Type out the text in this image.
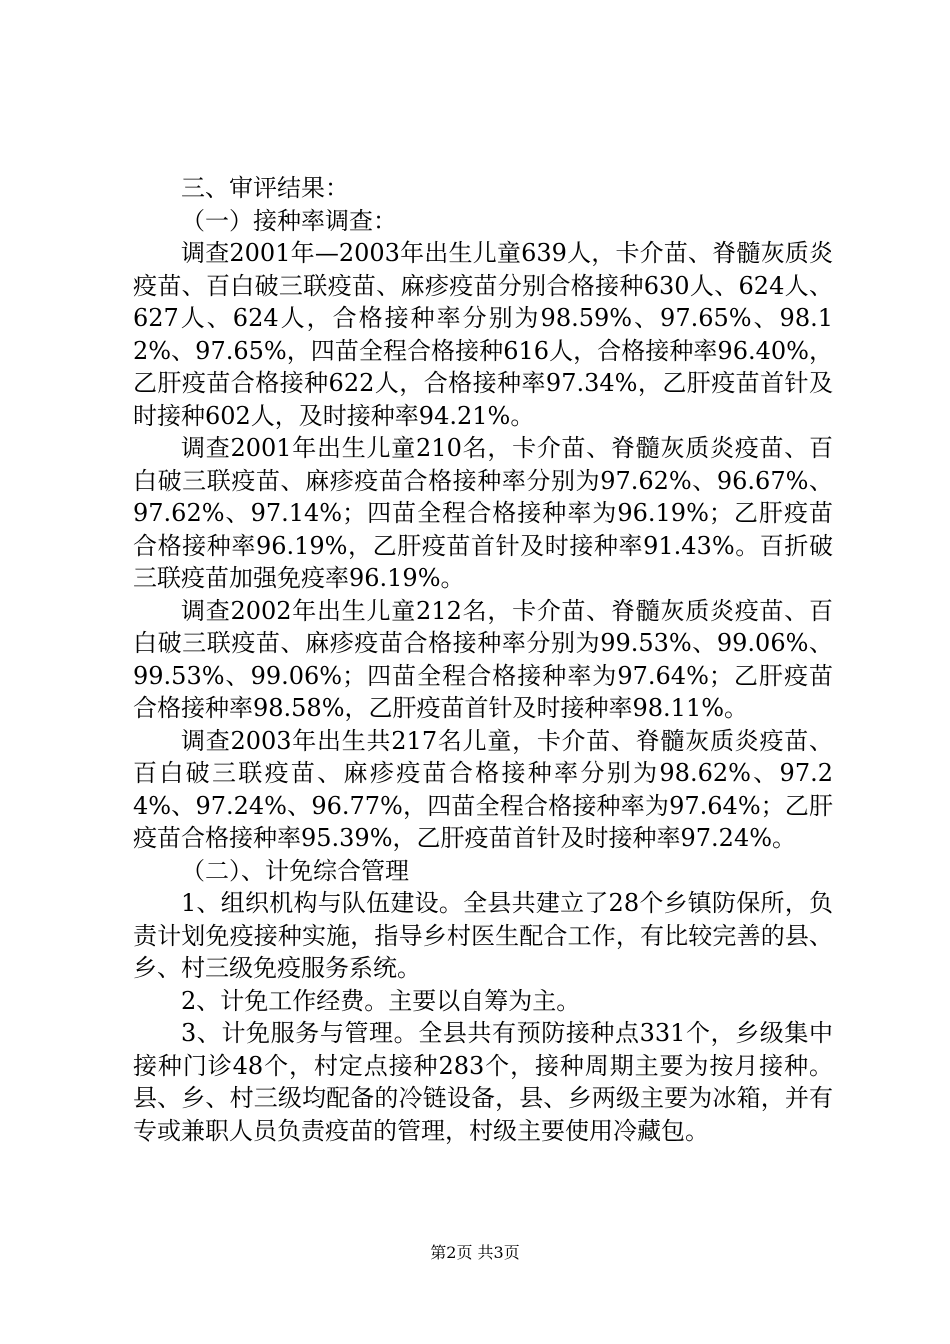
三、审评结果：

（一）接种率调查：

调查2001年—2003年出生儿童639人，卡介苗、脊髓灰质炎疫苗、百白破三联疫苗、麻疹疫苗分别合格接种630人、624人、627人、624人，合格接种率分别为98.59%、97.65%、98.12%、97.65%，四苗全程合格接种616人，合格接种率96.40%，乙肝疫苗合格接种622人，合格接种率97.34%，乙肝疫苗首针及时接种602人，及时接种率94.21%。

调查2001年出生儿童210名，卡介苗、脊髓灰质炎疫苗、百白破三联疫苗、麻疹疫苗合格接种率分别为97.62%、96.67%、97.62%、97.14%；四苗全程合格接种率为96.19%；乙肝疫苗合格接种率96.19%，乙肝疫苗首针及时接种率91.43%。百折破三联疫苗加强免疫率96.19%。

调查2002年出生儿童212名，卡介苗、脊髓灰质炎疫苗、百白破三联疫苗、麻疹疫苗合格接种率分别为99.53%、99.06%、99.53%、99.06%；四苗全程合格接种率为97.64%；乙肝疫苗合格接种率98.58%，乙肝疫苗首针及时接种率98.11%。

调查2003年出生共217名儿童，卡介苗、脊髓灰质炎疫苗、百白破三联疫苗、麻疹疫苗合格接种率分别为98.62%、97.24%、97.24%、96.77%，四苗全程合格接种率为97.64%；乙肝疫苗合格接种率95.39%，乙肝疫苗首针及时接种率97.24%。

（二）、计免综合管理

1、组织机构与队伍建设。全县共建立了28个乡镇防保所，负责计划免疫接种实施，指导乡村医生配合工作，有比较完善的县、乡、村三级免疫服务系统。

2、计免工作经费。主要以自筹为主。

3、计免服务与管理。全县共有预防接种点331个，乡级集中接种门诊48个，村定点接种283个，接种周期主要为按月接种。县、乡、村三级均配备的冷链设备，县、乡两级主要为冰箱，并有专或兼职人员负责疫苗的管理，村级主要使用冷藏包。

第2页 共3页
